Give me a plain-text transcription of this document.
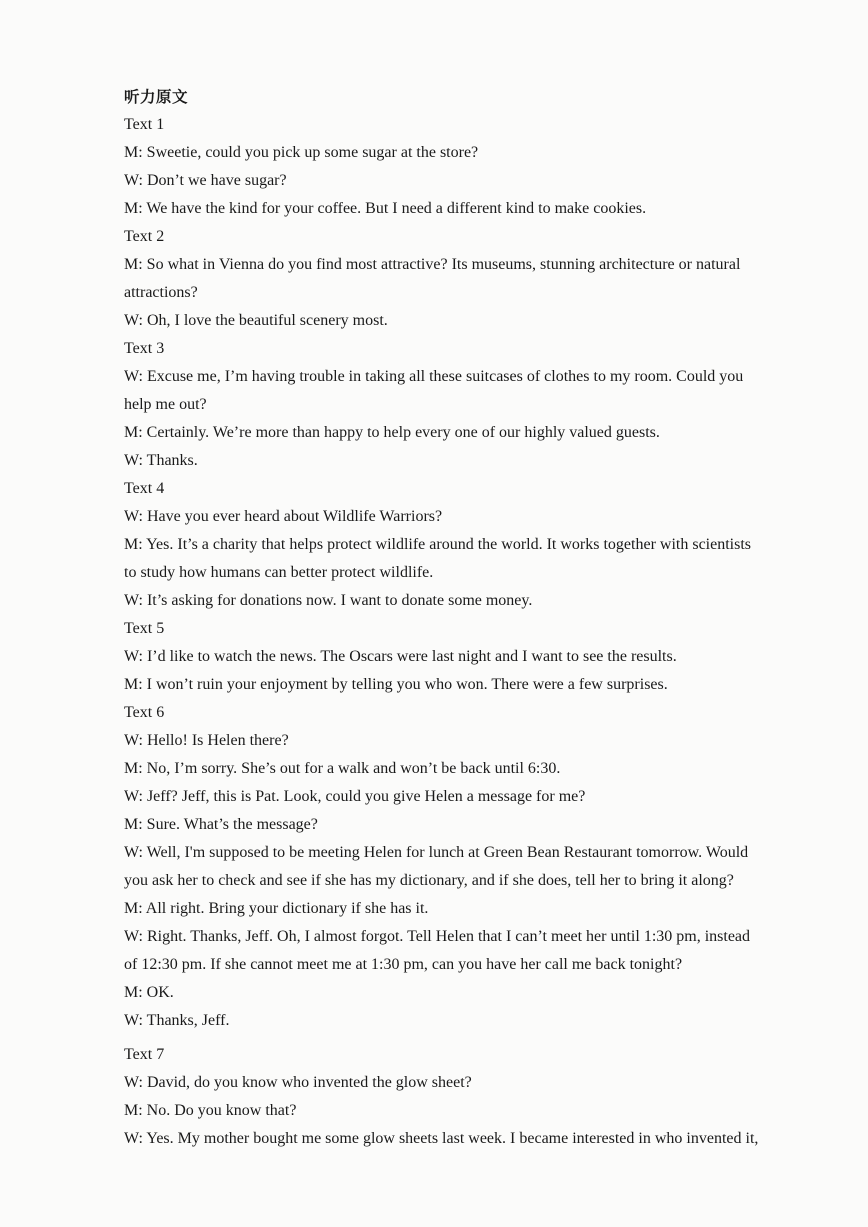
听力原文
Text 1
M: Sweetie, could you pick up some sugar at the store?
W: Don’t we have sugar?
M: We have the kind for your coffee. But I need a different kind to make cookies.
Text 2
M: So what in Vienna do you find most attractive? Its museums, stunning architecture or natural
attractions?
W: Oh, I love the beautiful scenery most.
Text 3
W: Excuse me, I’m having trouble in taking all these suitcases of clothes to my room. Could you
help me out?
M: Certainly. We’re more than happy to help every one of our highly valued guests.
W: Thanks.
Text 4
W: Have you ever heard about Wildlife Warriors?
M: Yes. It’s a charity that helps protect wildlife around the world. It works together with scientists
to study how humans can better protect wildlife.
W: It’s asking for donations now. I want to donate some money.
Text 5
W: I’d like to watch the news. The Oscars were last night and I want to see the results.
M: I won’t ruin your enjoyment by telling you who won. There were a few surprises.
Text 6
W: Hello! Is Helen there?
M: No, I’m sorry. She’s out for a walk and won’t be back until 6:30.
W: Jeff? Jeff, this is Pat. Look, could you give Helen a message for me?
M: Sure. What’s the message?
W: Well, I'm supposed to be meeting Helen for lunch at Green Bean Restaurant tomorrow. Would
you ask her to check and see if she has my dictionary, and if she does, tell her to bring it along?
M: All right. Bring your dictionary if she has it.
W: Right. Thanks, Jeff. Oh, I almost forgot. Tell Helen that I can’t meet her until 1:30 pm, instead
of 12:30 pm. If she cannot meet me at 1:30 pm, can you have her call me back tonight?
M: OK.
W: Thanks, Jeff.
Text 7
W: David, do you know who invented the glow sheet?
M: No. Do you know that?
W: Yes. My mother bought me some glow sheets last week. I became interested in who invented it,
